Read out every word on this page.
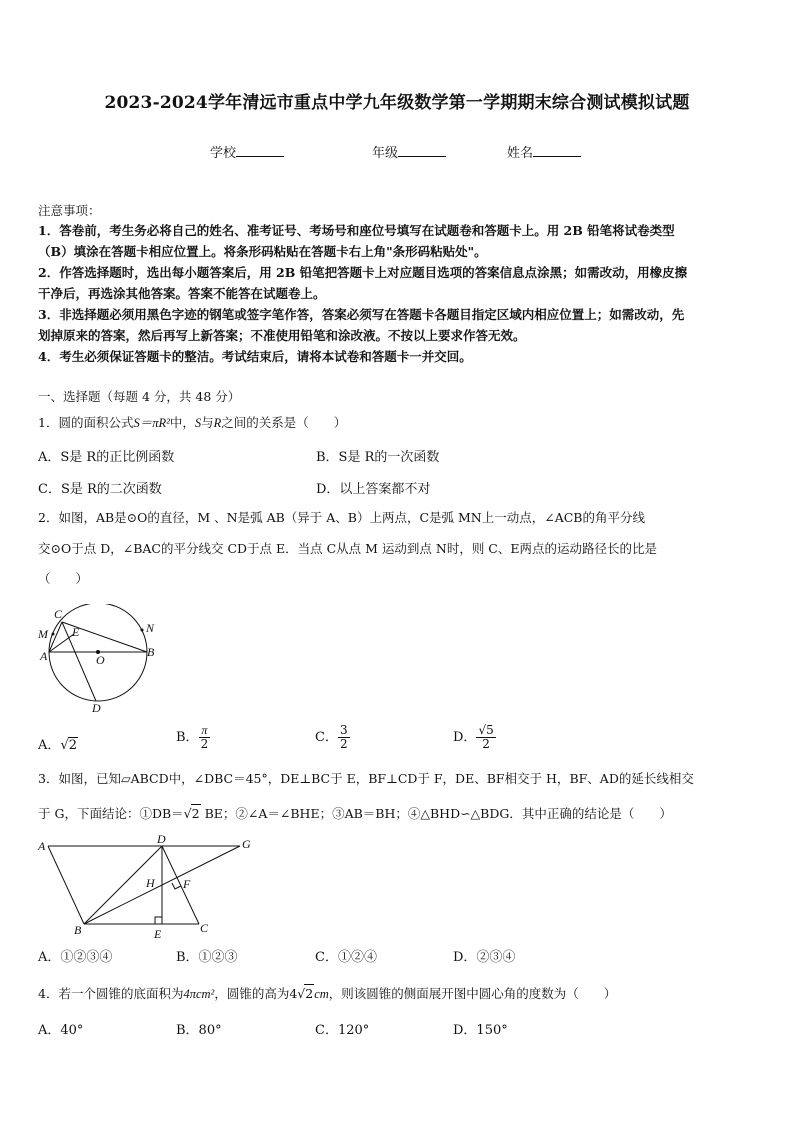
2023-2024学年清远市重点中学九年级数学第一学期期末综合测试模拟试题
学校	年级	姓名
注意事项：
1．答卷前，考生务必将自己的姓名、准考证号、考场号和座位号填写在试题卷和答题卡上。用 2B 铅笔将试卷类型
（B）填涂在答题卡相应位置上。将条形码粘贴在答题卡右上角"条形码粘贴处"。
2．作答选择题时，选出每小题答案后，用 2B 铅笔把答题卡上对应题目选项的答案信息点涂黑；如需改动，用橡皮擦
干净后，再选涂其他答案。答案不能答在试题卷上。
3．非选择题必须用黑色字迹的钢笔或签字笔作答，答案必须写在答题卡各题目指定区域内相应位置上；如需改动，先
划掉原来的答案，然后再写上新答案；不准使用铅笔和涂改液。不按以上要求作答无效。
4．考生必须保证答题卡的整洁。考试结束后，请将本试卷和答题卡一并交回。
一、选择题（每题 4 分，共 48 分）
1．圆的面积公式S＝πR²中，S与R之间的关系是（　　）
A．S是 R的正比例函数	B．S是 R的一次函数
C．S是 R的二次函数	D．以上答案都不对
2．如图，AB是⊙O的直径，M 、N是弧 AB（异于 A、B）上两点，C是弧 MN上一动点，∠ACB的角平分线
交⊙O于点 D，∠BAC的平分线交 CD于点 E．当点 C从点 M 运动到点 N时，则 C、E两点的运动路径长的比是
（　　）
C
M E	N
A	O
B
D
A．√2
B． $\frac{\pi}{2}$	C． $\frac{3}{2}$	D． $\frac{√5}{2}$
3．如图，已知▱ABCD中，∠DBC＝45°，DE⊥BC于 E，BF⊥CD于 F，DE、BF相交于 H，BF、AD的延长线相交
于 G，下面结论：①DB＝√2 BE；②∠A＝∠BHE；③AB＝BH；④△BHD∽△BDG．其中正确的结论是（　　）
A	D	G
H F
B	E	C
A．①②③④	B．①②③	C．①②④	D．②③④
4．若一个圆锥的底面积为4πcm²，圆锥的高为4√2cm，则该圆锥的侧面展开图中圆心角的度数为（　　）
A．40°	B．80°	C．120°	D．150°
